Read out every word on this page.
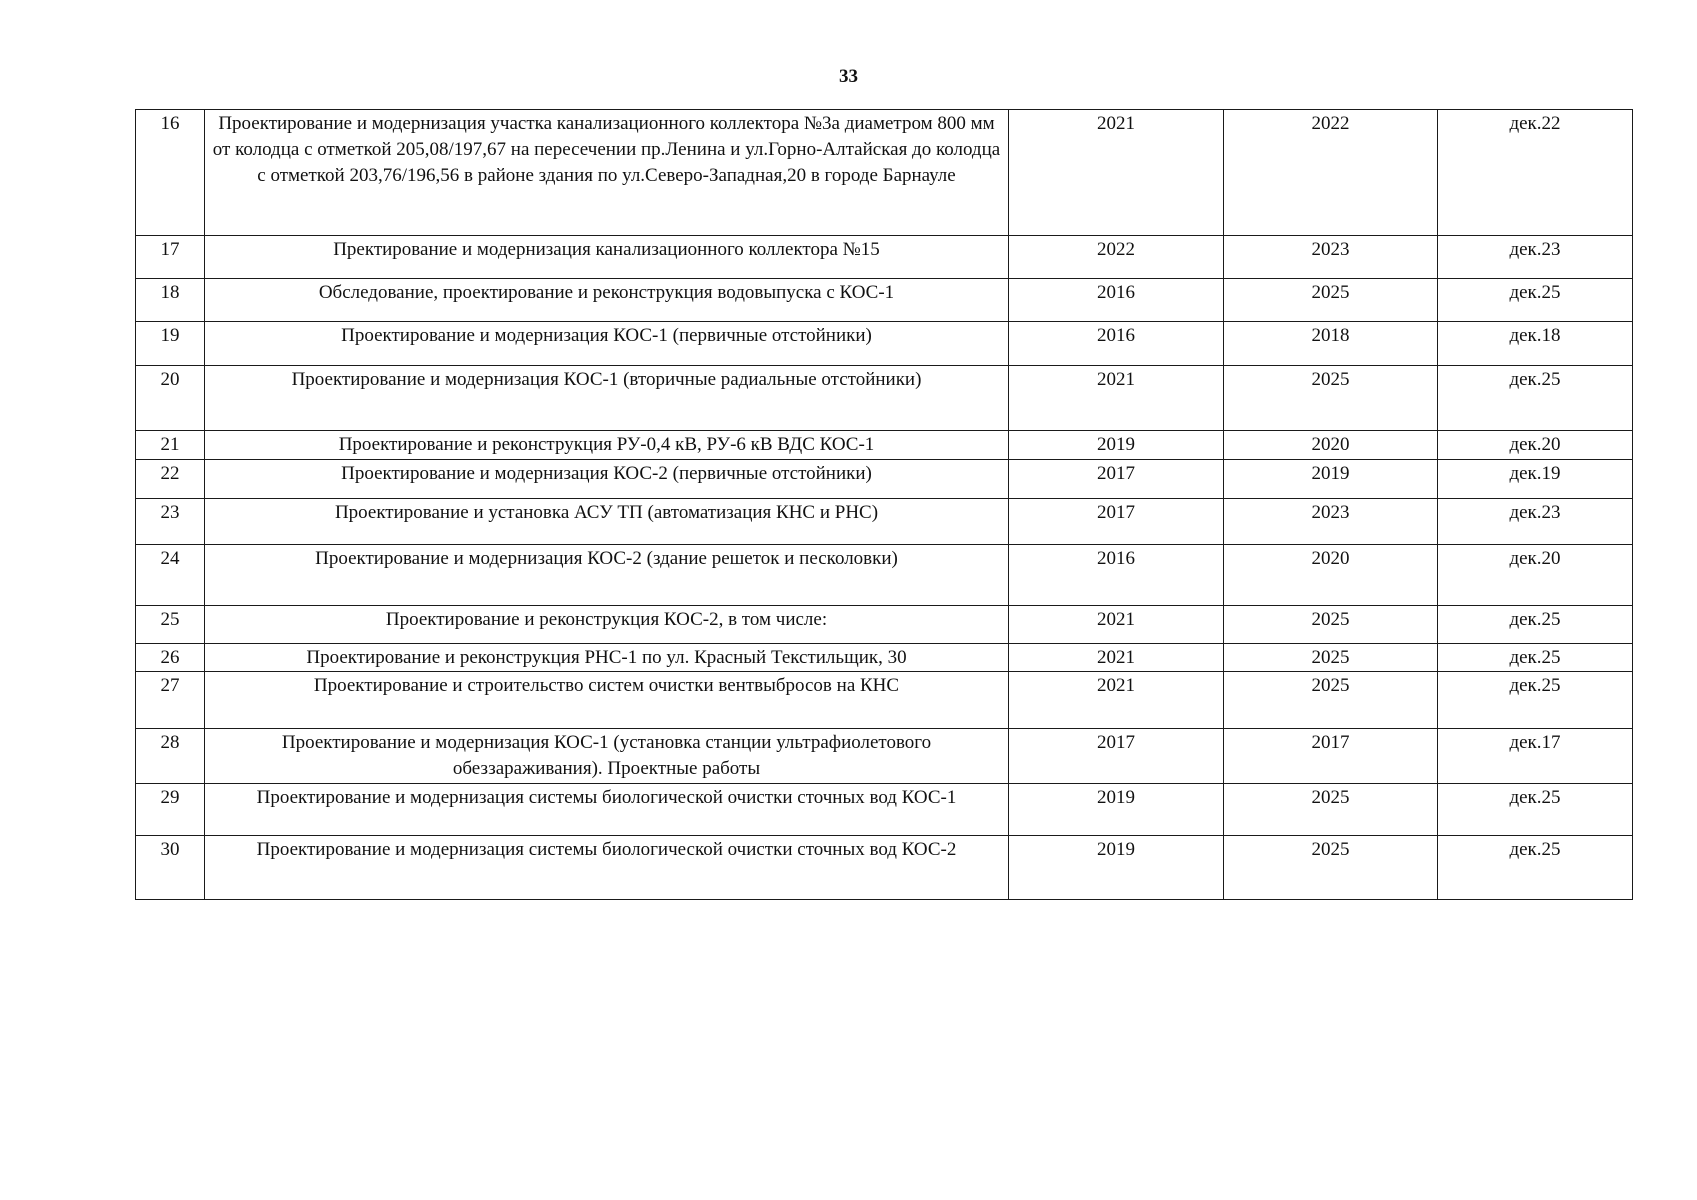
33
16	Проектирование и модернизация участка канализационного коллектора №3а диаметром 800 мм от колодца с отметкой 205,08/197,67 на пересечении пр.Ленина и ул.Горно-Алтайская до колодца с отметкой 203,76/196,56 в районе здания по ул.Северо-Западная,20 в городе Барнауле	2021	2022	дек.22
17	Пректирование и модернизация канализационного коллектора №15	2022	2023	дек.23
18	Обследование, проектирование и реконструкция водовыпуска с КОС-1	2016	2025	дек.25
19	Проектирование и модернизация КОС-1 (первичные отстойники)	2016	2018	дек.18
20	Проектирование и модернизация КОС-1 (вторичные радиальные отстойники)	2021	2025	дек.25
21	Проектирование и реконструкция РУ-0,4 кВ, РУ-6 кВ ВДС КОС-1	2019	2020	дек.20
22	Проектирование и модернизация КОС-2 (первичные отстойники)	2017	2019	дек.19
23	Проектирование и установка АСУ ТП (автоматизация КНС и РНС)	2017	2023	дек.23
24	Проектирование и модернизация КОС-2 (здание решеток и песколовки)	2016	2020	дек.20
25	Проектирование и реконструкция КОС-2, в том числе:	2021	2025	дек.25
26	Проектирование и реконструкция РНС-1 по ул. Красный Текстильщик, 30	2021	2025	дек.25
27	Проектирование и строительство систем очистки вентвыбросов на КНС	2021	2025	дек.25
28	Проектирование и модернизация КОС-1 (установка станции ультрафиолетового обеззараживания). Проектные работы	2017	2017	дек.17
29	Проектирование и модернизация системы биологической очистки сточных вод КОС-1	2019	2025	дек.25
30	Проектирование и модернизация системы биологической очистки сточных вод КОС-2	2019	2025	дек.25
